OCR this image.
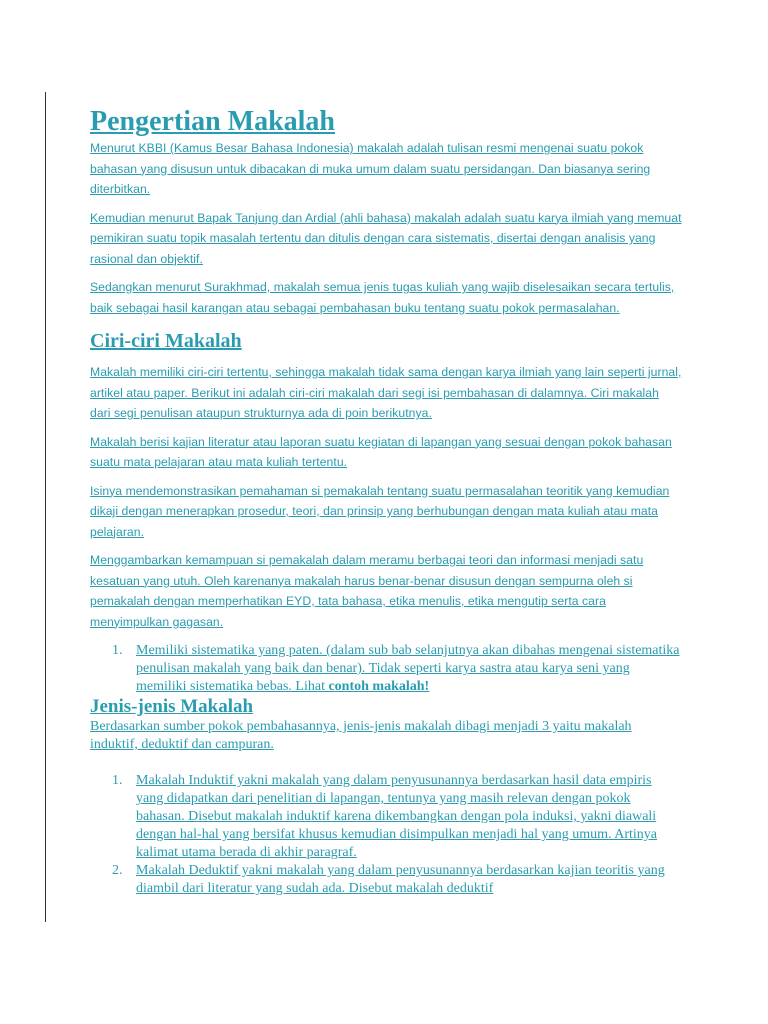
Pengertian Makalah

Menurut KBBI (Kamus Besar Bahasa Indonesia) makalah adalah tulisan resmi mengenai suatu pokok bahasan yang disusun untuk dibacakan di muka umum dalam suatu persidangan. Dan biasanya sering diterbitkan.

Kemudian menurut Bapak Tanjung dan Ardial (ahli bahasa) makalah adalah suatu karya ilmiah yang memuat pemikiran suatu topik masalah tertentu dan ditulis dengan cara sistematis, disertai dengan analisis yang rasional dan objektif.

Sedangkan menurut Surakhmad, makalah semua jenis tugas kuliah yang wajib diselesaikan secara tertulis, baik sebagai hasil karangan atau sebagai pembahasan buku tentang suatu pokok permasalahan.

Ciri-ciri Makalah

Makalah memiliki ciri-ciri tertentu, sehingga makalah tidak sama dengan karya ilmiah yang lain seperti jurnal, artikel atau paper. Berikut ini adalah ciri-ciri makalah dari segi isi pembahasan di dalamnya. Ciri makalah dari segi penulisan ataupun strukturnya ada di poin berikutnya.

Makalah berisi kajian literatur atau laporan suatu kegiatan di lapangan yang sesuai dengan pokok bahasan suatu mata pelajaran atau mata kuliah tertentu.

Isinya mendemonstrasikan pemahaman si pemakalah tentang suatu permasalahan teoritik yang kemudian dikaji dengan menerapkan prosedur, teori, dan prinsip yang berhubungan dengan mata kuliah atau mata pelajaran.

Menggambarkan kemampuan si pemakalah dalam meramu berbagai teori dan informasi menjadi satu kesatuan yang utuh. Oleh karenanya makalah harus benar-benar disusun dengan sempurna oleh si pemakalah dengan memperhatikan EYD, tata bahasa, etika menulis, etika mengutip serta cara menyimpulkan gagasan.

1. Memiliki sistematika yang paten. (dalam sub bab selanjutnya akan dibahas mengenai sistematika penulisan makalah yang baik dan benar). Tidak seperti karya sastra atau karya seni yang memiliki sistematika bebas. Lihat contoh makalah!
Jenis-jenis Makalah

Berdasarkan sumber pokok pembahasannya, jenis-jenis makalah dibagi menjadi 3 yaitu makalah induktif, deduktif dan campuran.

1. Makalah Induktif yakni makalah yang dalam penyusunannya berdasarkan hasil data empiris yang didapatkan dari penelitian di lapangan, tentunya yang masih relevan dengan pokok bahasan. Disebut makalah induktif karena dikembangkan dengan pola induksi, yakni diawali dengan hal-hal yang bersifat khusus kemudian disimpulkan menjadi hal yang umum. Artinya kalimat utama berada di akhir paragraf.
2. Makalah Deduktif yakni makalah yang dalam penyusunannya berdasarkan kajian teoritis yang diambil dari literatur yang sudah ada. Disebut makalah deduktif
